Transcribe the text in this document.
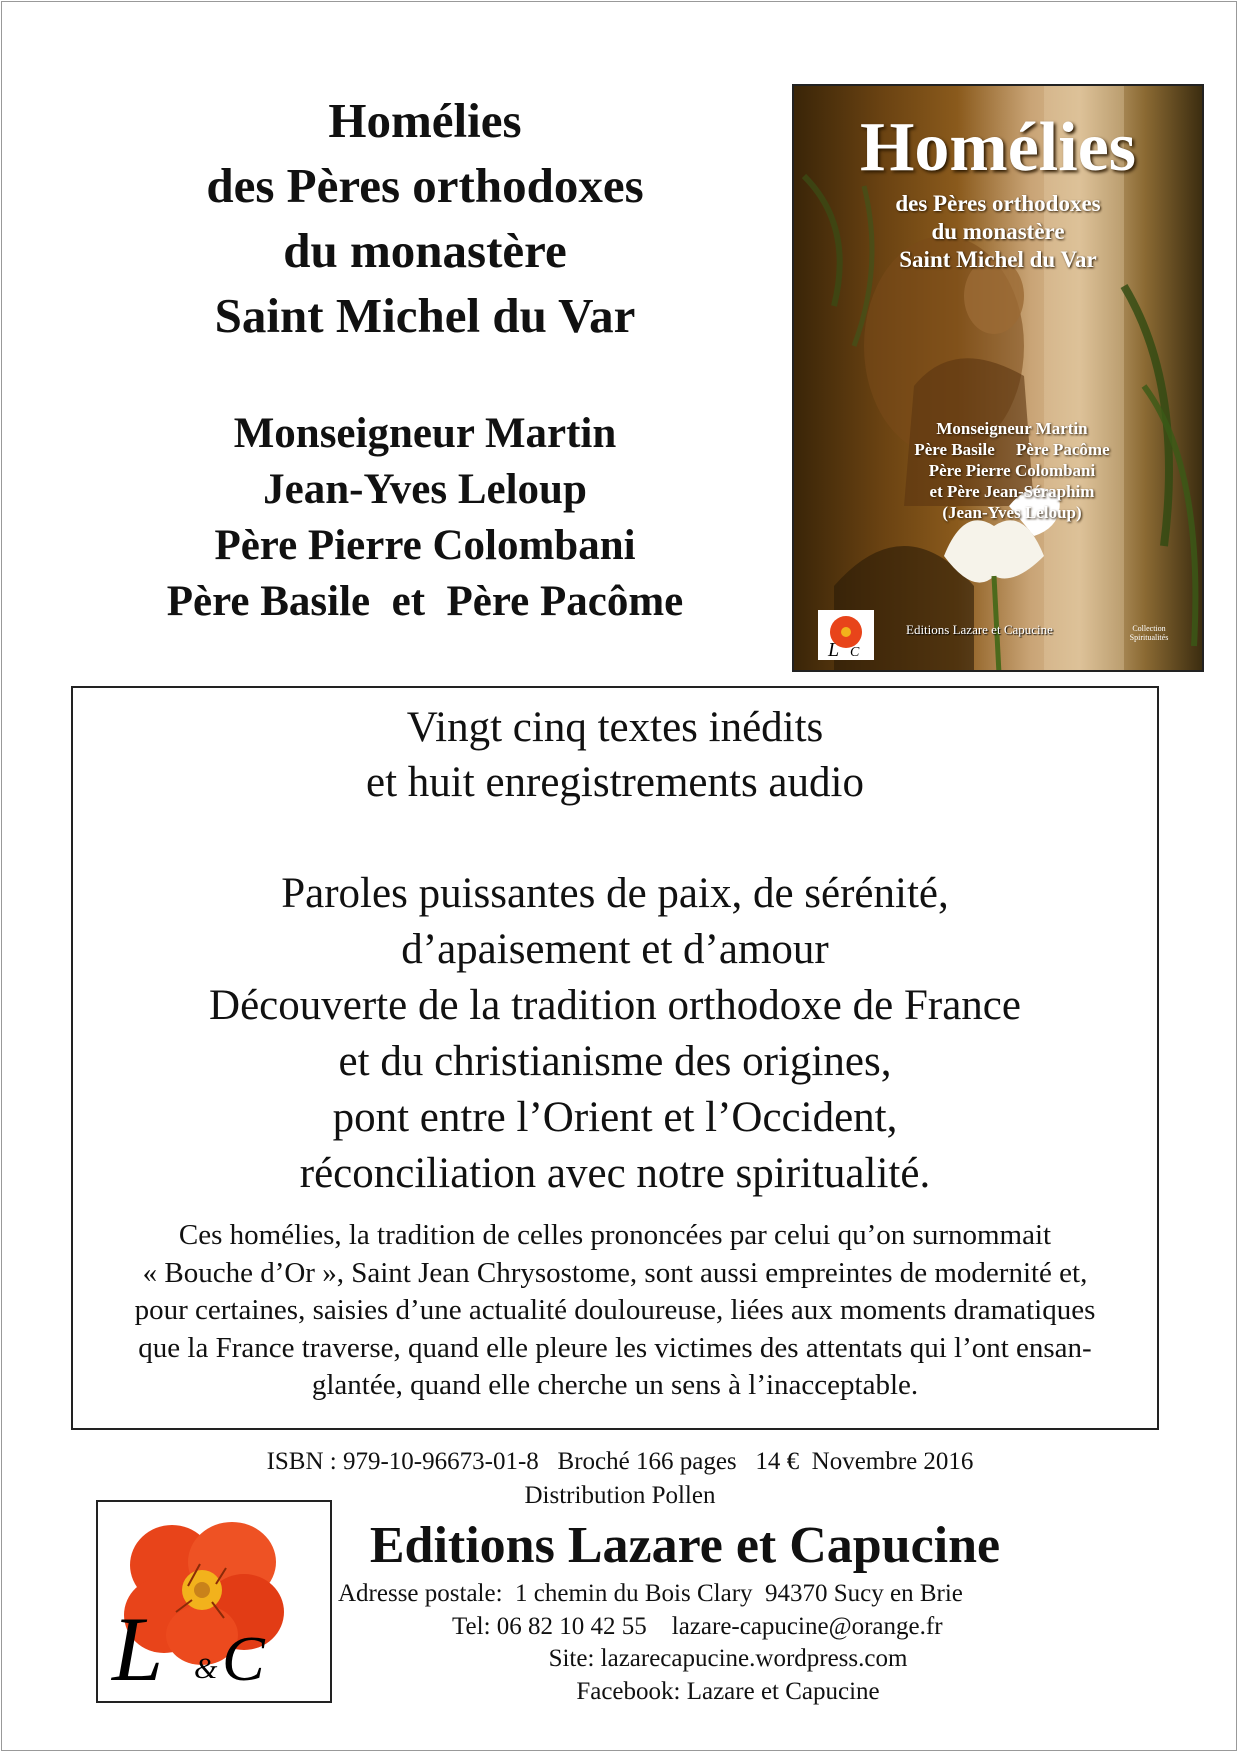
Homélies
des Pères orthodoxes
du monastère
Saint Michel du Var
Monseigneur Martin
Jean-Yves Leloup
Père Pierre Colombani
Père Basile  et  Père Pacôme
Homélies
des Pères orthodoxes
du monastère
Saint Michel du Var
Monseigneur Martin
Père Basile     Père Pacôme
Père Pierre Colombani
et Père Jean-Séraphim
(Jean-Yves Leloup)
L C
Editions Lazare et Capucine	Collection
Spiritualités
Vingt cinq textes inédits
et huit enregistrements audio
Paroles puissantes de paix, de sérénité,
d’apaisement et d’amour
Découverte de la tradition orthodoxe de France
et du christianisme des origines,
pont entre l’Orient et l’Occident,
réconciliation avec notre spiritualité.
Ces homélies, la tradition de celles prononcées par celui qu’on surnommait
« Bouche d’Or », Saint Jean Chrysostome, sont aussi empreintes de modernité et,
pour certaines, saisies d’une actualité douloureuse, liées aux moments dramatiques
que la France traverse, quand elle pleure les victimes des attentats qui l’ont ensan-
glantée, quand elle cherche un sens à l’inacceptable.
ISBN : 979-10-96673-01-8   Broché 166 pages   14 €  Novembre 2016
Distribution Pollen
L & C
Editions Lazare et Capucine
Adresse postale:  1 chemin du Bois Clary  94370 Sucy en Brie
Tel: 06 82 10 42 55    lazare-capucine@orange.fr
Site: lazarecapucine.wordpress.com
Facebook: Lazare et Capucine
